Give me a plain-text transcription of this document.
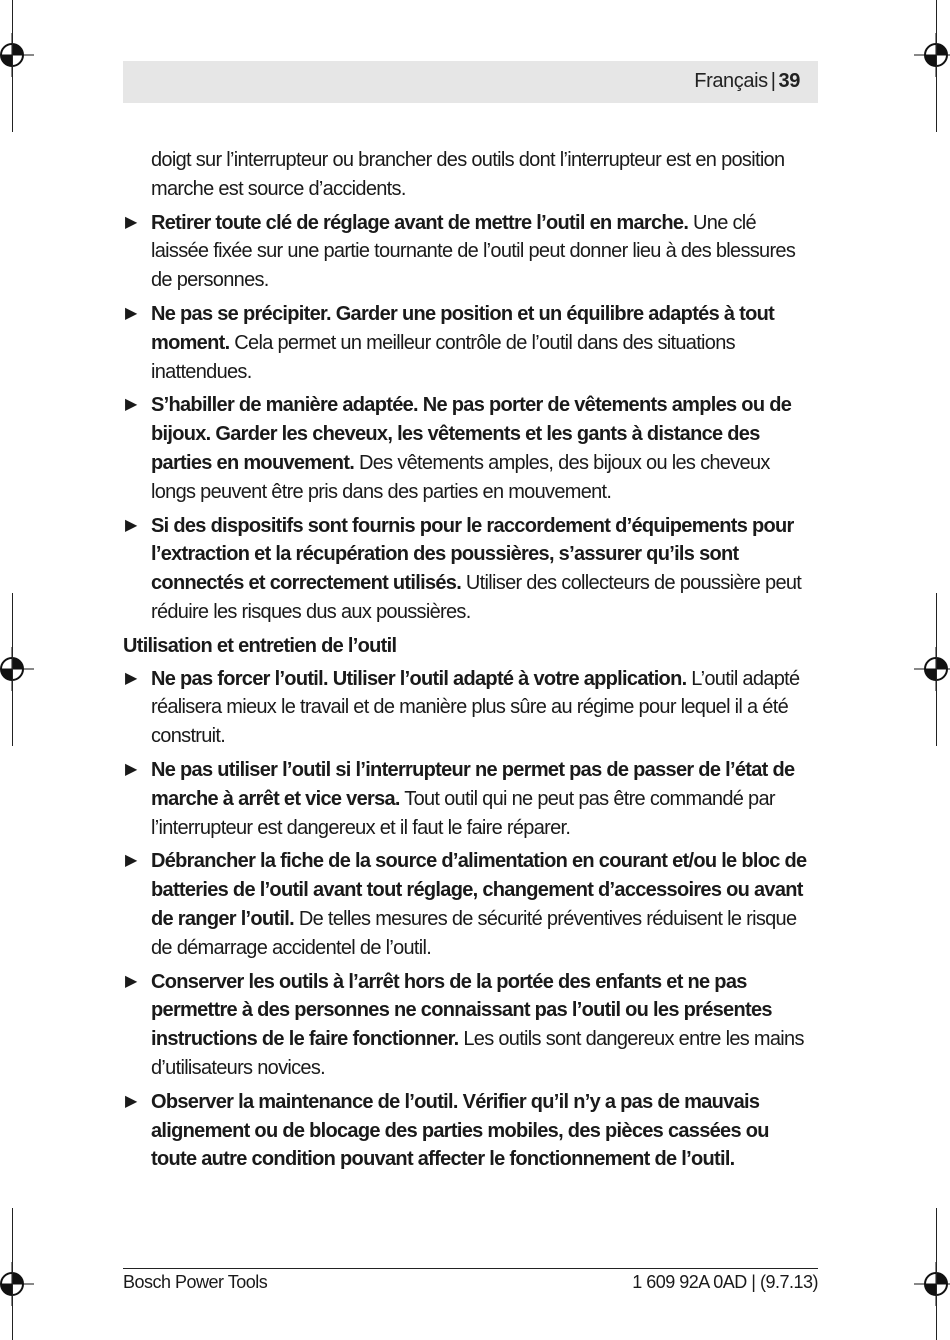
Français | 39

doigt sur l’interrupteur ou brancher des outils dont l’interrupteur est en position marche est source d’accidents.

▶ Retirer toute clé de réglage avant de mettre l’outil en marche. Une clé laissée fixée sur une partie tournante de l’outil peut donner lieu à des blessures de personnes.
▶ Ne pas se précipiter. Garder une position et un équilibre adaptés à tout moment. Cela permet un meilleur contrôle de l’outil dans des situations inattendues.
▶ S’habiller de manière adaptée. Ne pas porter de vêtements amples ou de bijoux. Garder les cheveux, les vêtements et les gants à distance des parties en mouvement. Des vêtements amples, des bijoux ou les cheveux longs peuvent être pris dans des parties en mouvement.
▶ Si des dispositifs sont fournis pour le raccordement d’équipements pour l’extraction et la récupération des poussières, s’assurer qu’ils sont connectés et correctement utilisés. Utiliser des collecteurs de poussière peut réduire les risques dus aux poussières.
Utilisation et entretien de l’outil
▶ Ne pas forcer l’outil. Utiliser l’outil adapté à votre application. L’outil adapté réalisera mieux le travail et de manière plus sûre au régime pour lequel il a été construit.
▶ Ne pas utiliser l’outil si l’interrupteur ne permet pas de passer de l’état de marche à arrêt et vice versa. Tout outil qui ne peut pas être commandé par l’interrupteur est dangereux et il faut le faire réparer.
▶ Débrancher la fiche de la source d’alimentation en courant et/ou le bloc de batteries de l’outil avant tout réglage, changement d’accessoires ou avant de ranger l’outil. De telles mesures de sécurité préventives réduisent le risque de démarrage accidentel de l’outil.
▶ Conserver les outils à l’arrêt hors de la portée des enfants et ne pas permettre à des personnes ne connaissant pas l’outil ou les présentes instructions de le faire fonctionner. Les outils sont dangereux entre les mains d’utilisateurs novices.
▶ Observer la maintenance de l’outil. Vérifier qu’il n’y a pas de mauvais alignement ou de blocage des parties mobiles, des pièces cassées ou toute autre condition pouvant affecter le fonctionnement de l’outil.
Bosch Power Tools	1 609 92A 0AD | (9.7.13)
